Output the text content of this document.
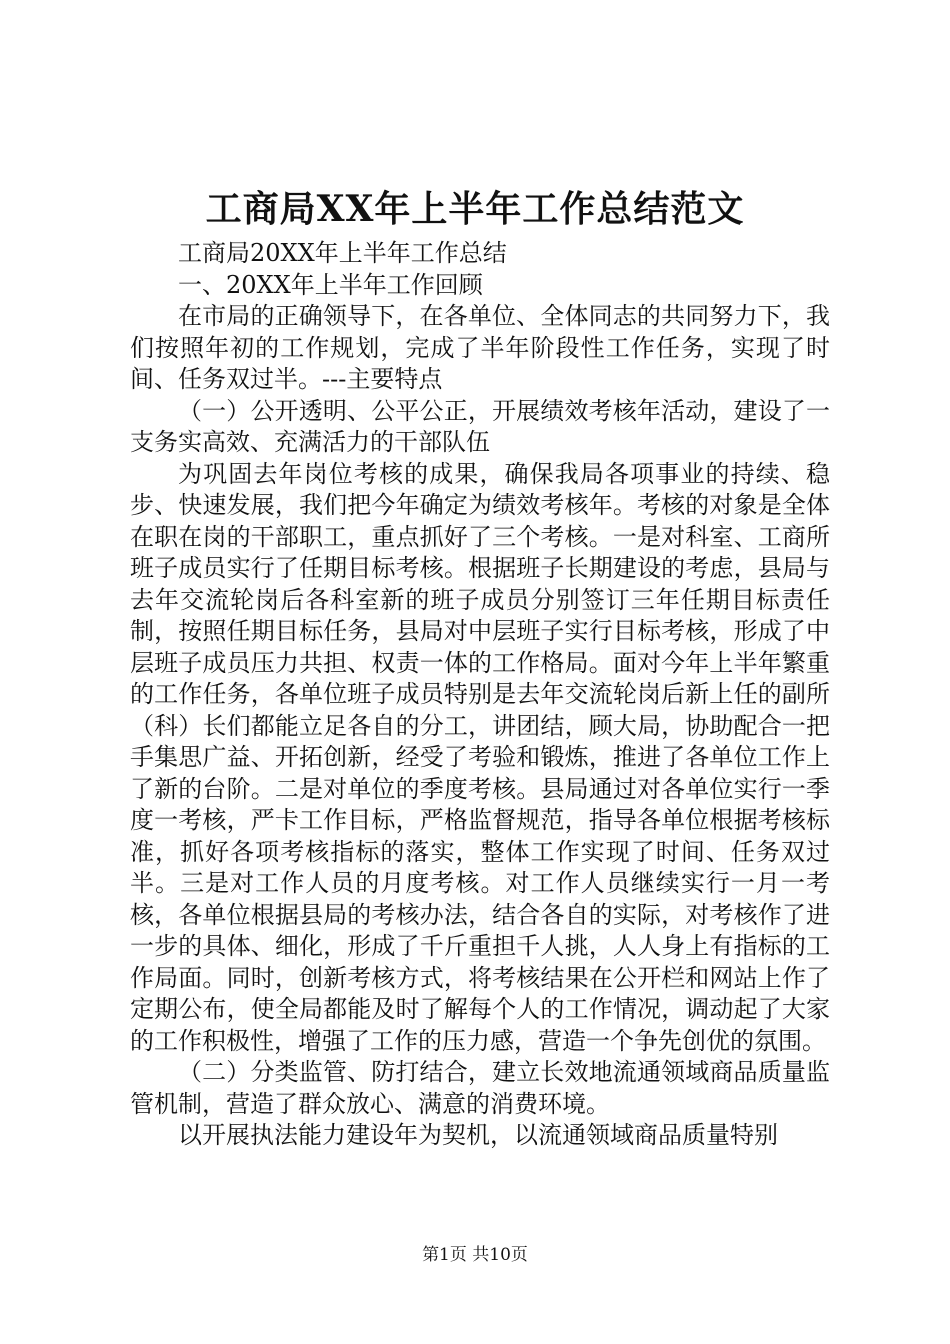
工商局XX年上半年工作总结范文

工商局20XX年上半年工作总结

一、20XX年上半年工作回顾

在市局的正确领导下，在各单位、全体同志的共同努力下，我们按照年初的工作规划，完成了半年阶段性工作任务，实现了时间、任务双过半。---主要特点

（一）公开透明、公平公正，开展绩效考核年活动，建设了一支务实高效、充满活力的干部队伍

为巩固去年岗位考核的成果，确保我局各项事业的持续、稳步、快速发展，我们把今年确定为绩效考核年。考核的对象是全体在职在岗的干部职工，重点抓好了三个考核。一是对科室、工商所班子成员实行了任期目标考核。根据班子长期建设的考虑，县局与去年交流轮岗后各科室新的班子成员分别签订三年任期目标责任制，按照任期目标任务，县局对中层班子实行目标考核，形成了中层班子成员压力共担、权责一体的工作格局。面对今年上半年繁重的工作任务，各单位班子成员特别是去年交流轮岗后新上任的副所（科）长们都能立足各自的分工，讲团结，顾大局，协助配合一把手集思广益、开拓创新，经受了考验和锻炼，推进了各单位工作上了新的台阶。二是对单位的季度考核。县局通过对各单位实行一季度一考核，严卡工作目标，严格监督规范，指导各单位根据考核标准，抓好各项考核指标的落实，整体工作实现了时间、任务双过半。三是对工作人员的月度考核。对工作人员继续实行一月一考核，各单位根据县局的考核办法，结合各自的实际，对考核作了进一步的具体、细化，形成了千斤重担千人挑，人人身上有指标的工作局面。同时，创新考核方式，将考核结果在公开栏和网站上作了定期公布，使全局都能及时了解每个人的工作情况，调动起了大家的工作积极性，增强了工作的压力感，营造一个争先创优的氛围。

（二）分类监管、防打结合，建立长效地流通领域商品质量监管机制，营造了群众放心、满意的消费环境。

以开展执法能力建设年为契机，以流通领域商品质量特别

第1页 共10页
